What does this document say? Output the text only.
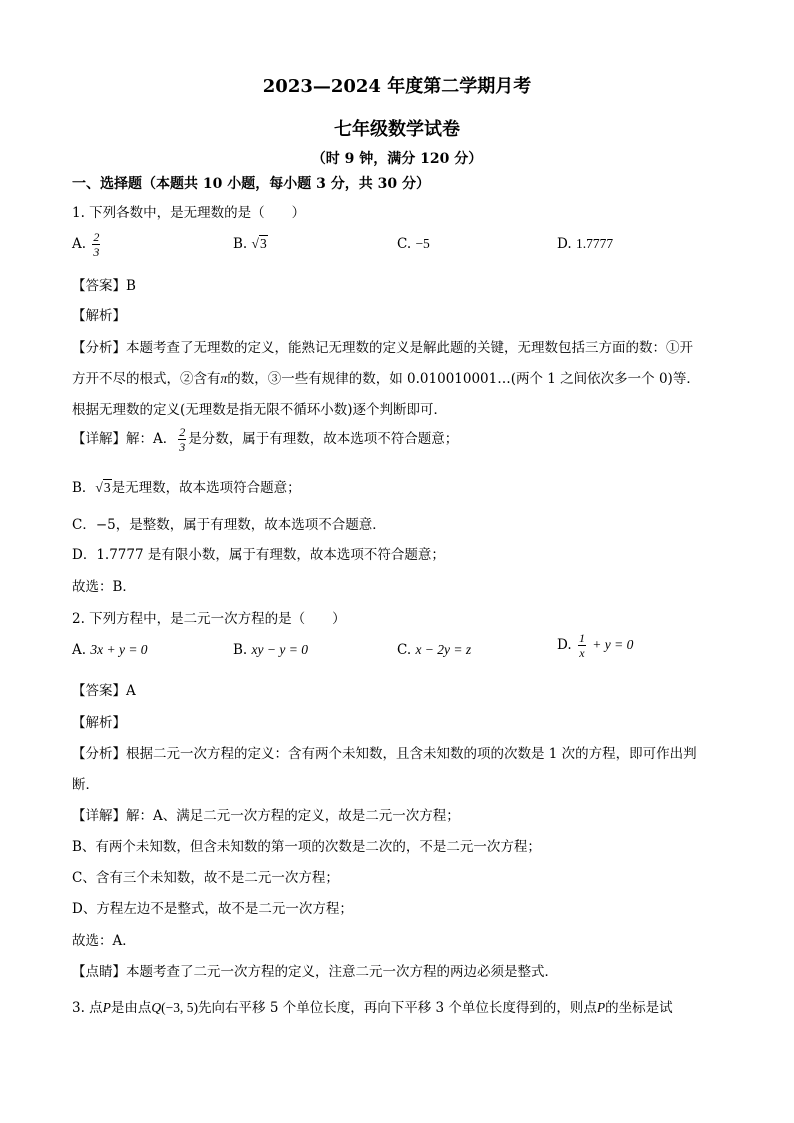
2023—2024 年度第二学期月考
七年级数学试卷
（时 9 钟，满分 120 分）
一、选择题（本题共 10 小题，每小题 3 分，共 30 分）
1. 下列各数中，是无理数的是（　　）
A. $\frac{2}{3}$	B. √3	C. −5	D. 1.7777
【答案】B
【解析】
【分析】本题考查了无理数的定义，能熟记无理数的定义是解此题的关键，无理数包括三方面的数：①开
方开不尽的根式，②含有π的数，③一些有规律的数，如 0.010010001…(两个 1 之间依次多一个 0)等．
根据无理数的定义(无理数是指无限不循环小数)逐个判断即可．
【详解】解：A． $\frac{2}{3}$ 是分数，属于有理数，故本选项不符合题意；
B．√3是无理数，故本选项符合题意；
C．−5，是整数，属于有理数，故本选项不合题意．
D．1.7777 是有限小数，属于有理数，故本选项不符合题意；
故选：B．
2. 下列方程中，是二元一次方程的是（　　）
A. 3x + y = 0	B. xy − y = 0	C. x − 2y = z	D. $\frac{1}{x} + y = 0$
【答案】A
【解析】
【分析】根据二元一次方程的定义：含有两个未知数，且含未知数的项的次数是 1 次的方程，即可作出判
断．
【详解】解：A、满足二元一次方程的定义，故是二元一次方程；
B、有两个未知数，但含未知数的第一项的次数是二次的，不是二元一次方程；
C、含有三个未知数，故不是二元一次方程；
D、方程左边不是整式，故不是二元一次方程；
故选：A．
【点睛】本题考查了二元一次方程的定义，注意二元一次方程的两边必须是整式．
3. 点P是由点Q(−3, 5)先向右平移 5 个单位长度，再向下平移 3 个单位长度得到的，则点P的坐标是试
